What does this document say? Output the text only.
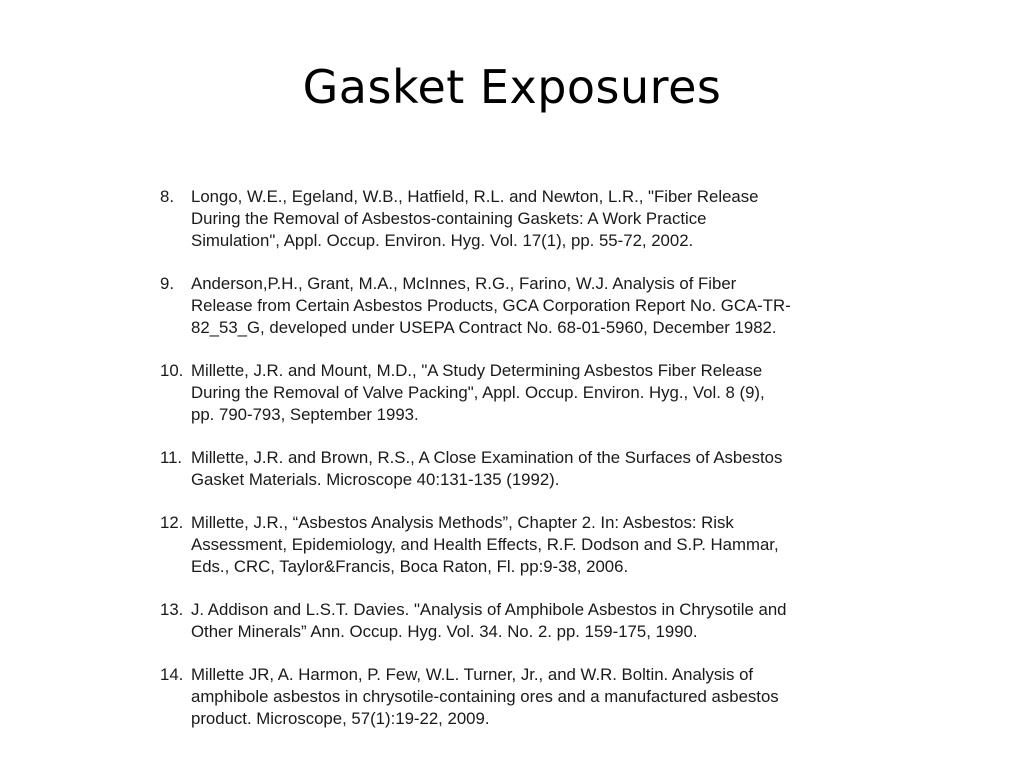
Gasket Exposures
8. Longo, W.E., Egeland, W.B., Hatfield, R.L. and Newton, L.R., "Fiber Release
During the Removal of Asbestos-containing Gaskets: A Work Practice
Simulation", Appl. Occup. Environ. Hyg. Vol. 17(1), pp. 55-72, 2002.
9. Anderson,P.H., Grant, M.A., McInnes, R.G., Farino, W.J. Analysis of Fiber
Release from Certain Asbestos Products, GCA Corporation Report No. GCA-TR-
82_53_G, developed under USEPA Contract No. 68-01-5960, December 1982.
10. Millette, J.R. and Mount, M.D., "A Study Determining Asbestos Fiber Release
During the Removal of Valve Packing", Appl. Occup. Environ. Hyg., Vol. 8 (9),
pp. 790-793, September 1993.
11. Millette, J.R. and Brown, R.S., A Close Examination of the Surfaces of Asbestos
Gasket Materials. Microscope 40:131-135 (1992).
12. Millette, J.R., “Asbestos Analysis Methods”, Chapter 2. In: Asbestos: Risk
Assessment, Epidemiology, and Health Effects, R.F. Dodson and S.P. Hammar,
Eds., CRC, Taylor&Francis, Boca Raton, Fl. pp:9-38, 2006.
13. J. Addison and L.S.T. Davies. "Analysis of Amphibole Asbestos in Chrysotile and
Other Minerals” Ann. Occup. Hyg. Vol. 34. No. 2. pp. 159-175, 1990.
14. Millette JR, A. Harmon, P. Few, W.L. Turner, Jr., and W.R. Boltin. Analysis of
amphibole asbestos in chrysotile-containing ores and a manufactured asbestos
product. Microscope, 57(1):19-22, 2009.
